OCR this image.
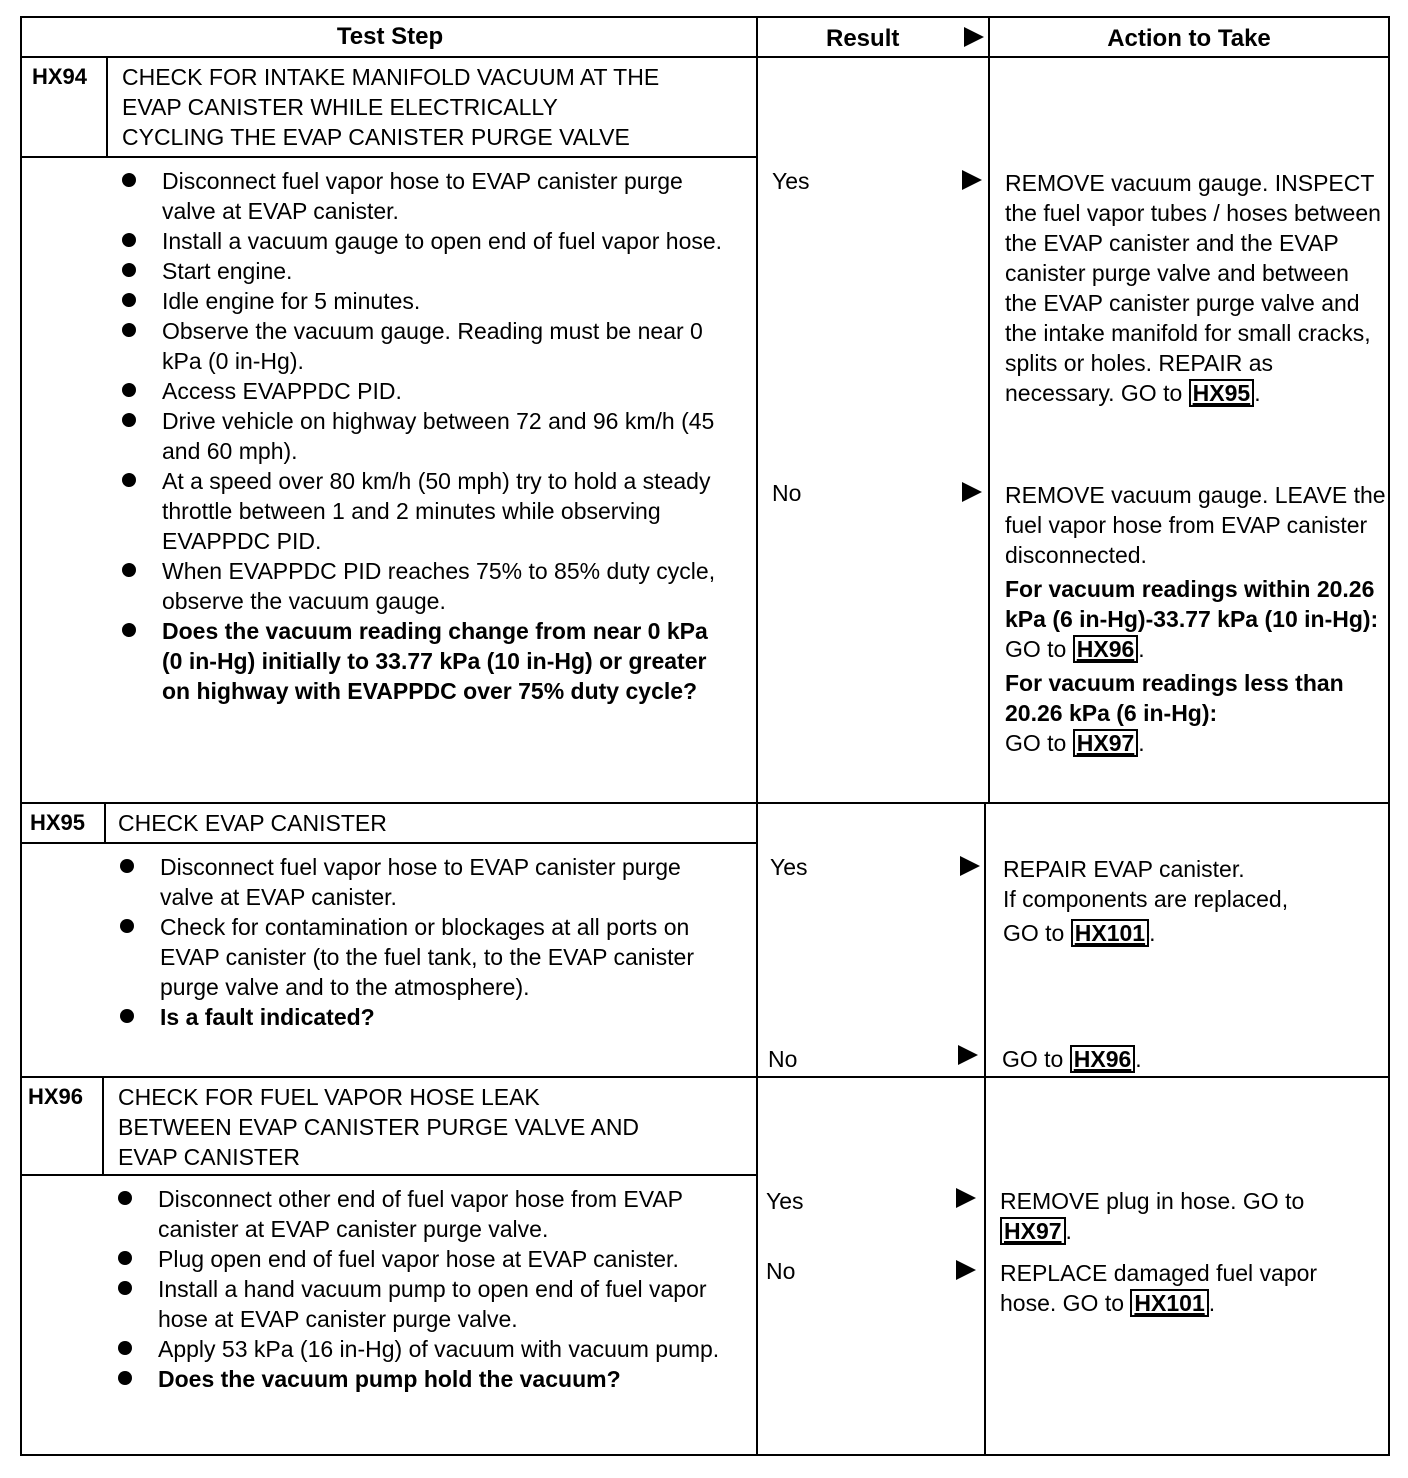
Test Step	Result	Action to Take
HX94 CHECK FOR INTAKE MANIFOLD VACUUM AT THE
EVAP CANISTER WHILE ELECTRICALLY
CYCLING THE EVAP CANISTER PURGE VALVE
Disconnect fuel vapor hose to EVAP canister purge valve at EVAP canister.
Install a vacuum gauge to open end of fuel vapor hose.
Start engine.
Idle engine for 5 minutes.
Observe the vacuum gauge. Reading must be near 0 kPa (0 in-Hg).
Access EVAPPDC PID.
Drive vehicle on highway between 72 and 96 km/h (45 and 60 mph).
At a speed over 80 km/h (50 mph) try to hold a steady throttle between 1 and 2 minutes while observing EVAPPDC PID.
When EVAPPDC PID reaches 75% to 85% duty cycle, observe the vacuum gauge.
Does the vacuum reading change from near 0 kPa (0 in-Hg) initially to 33.77 kPa (10 in-Hg) or greater on highway with EVAPPDC over 75% duty cycle?
Yes	REMOVE vacuum gauge. INSPECT the fuel vapor tubes / hoses between the EVAP canister and the EVAP canister purge valve and between the EVAP canister purge valve and the intake manifold for small cracks, splits or holes. REPAIR as necessary. GO to HX95 .
No	REMOVE vacuum gauge. LEAVE the fuel vapor hose from EVAP canister disconnected.
For vacuum readings within 20.26 kPa (6 in-Hg)-33.77 kPa (10 in-Hg):
GO to HX96 .
For vacuum readings less than 20.26 kPa (6 in-Hg):
GO to HX97 .
HX95 CHECK EVAP CANISTER
Disconnect fuel vapor hose to EVAP canister purge valve at EVAP canister.
Check for contamination or blockages at all ports on EVAP canister (to the fuel tank, to the EVAP canister purge valve and to the atmosphere).
Is a fault indicated?
Yes	REPAIR EVAP canister.
If components are replaced,
GO to HX101 .
No	GO to HX96 .
HX96 CHECK FOR FUEL VAPOR HOSE LEAK
BETWEEN EVAP CANISTER PURGE VALVE AND
EVAP CANISTER
Disconnect other end of fuel vapor hose from EVAP canister at EVAP canister purge valve.
Plug open end of fuel vapor hose at EVAP canister.
Install a hand vacuum pump to open end of fuel vapor hose at EVAP canister purge valve.
Apply 53 kPa (16 in-Hg) of vacuum with vacuum pump.
Does the vacuum pump hold the vacuum?
Yes	REMOVE plug in hose. GO to HX97 .
No	REPLACE damaged fuel vapor hose. GO to HX101 .
